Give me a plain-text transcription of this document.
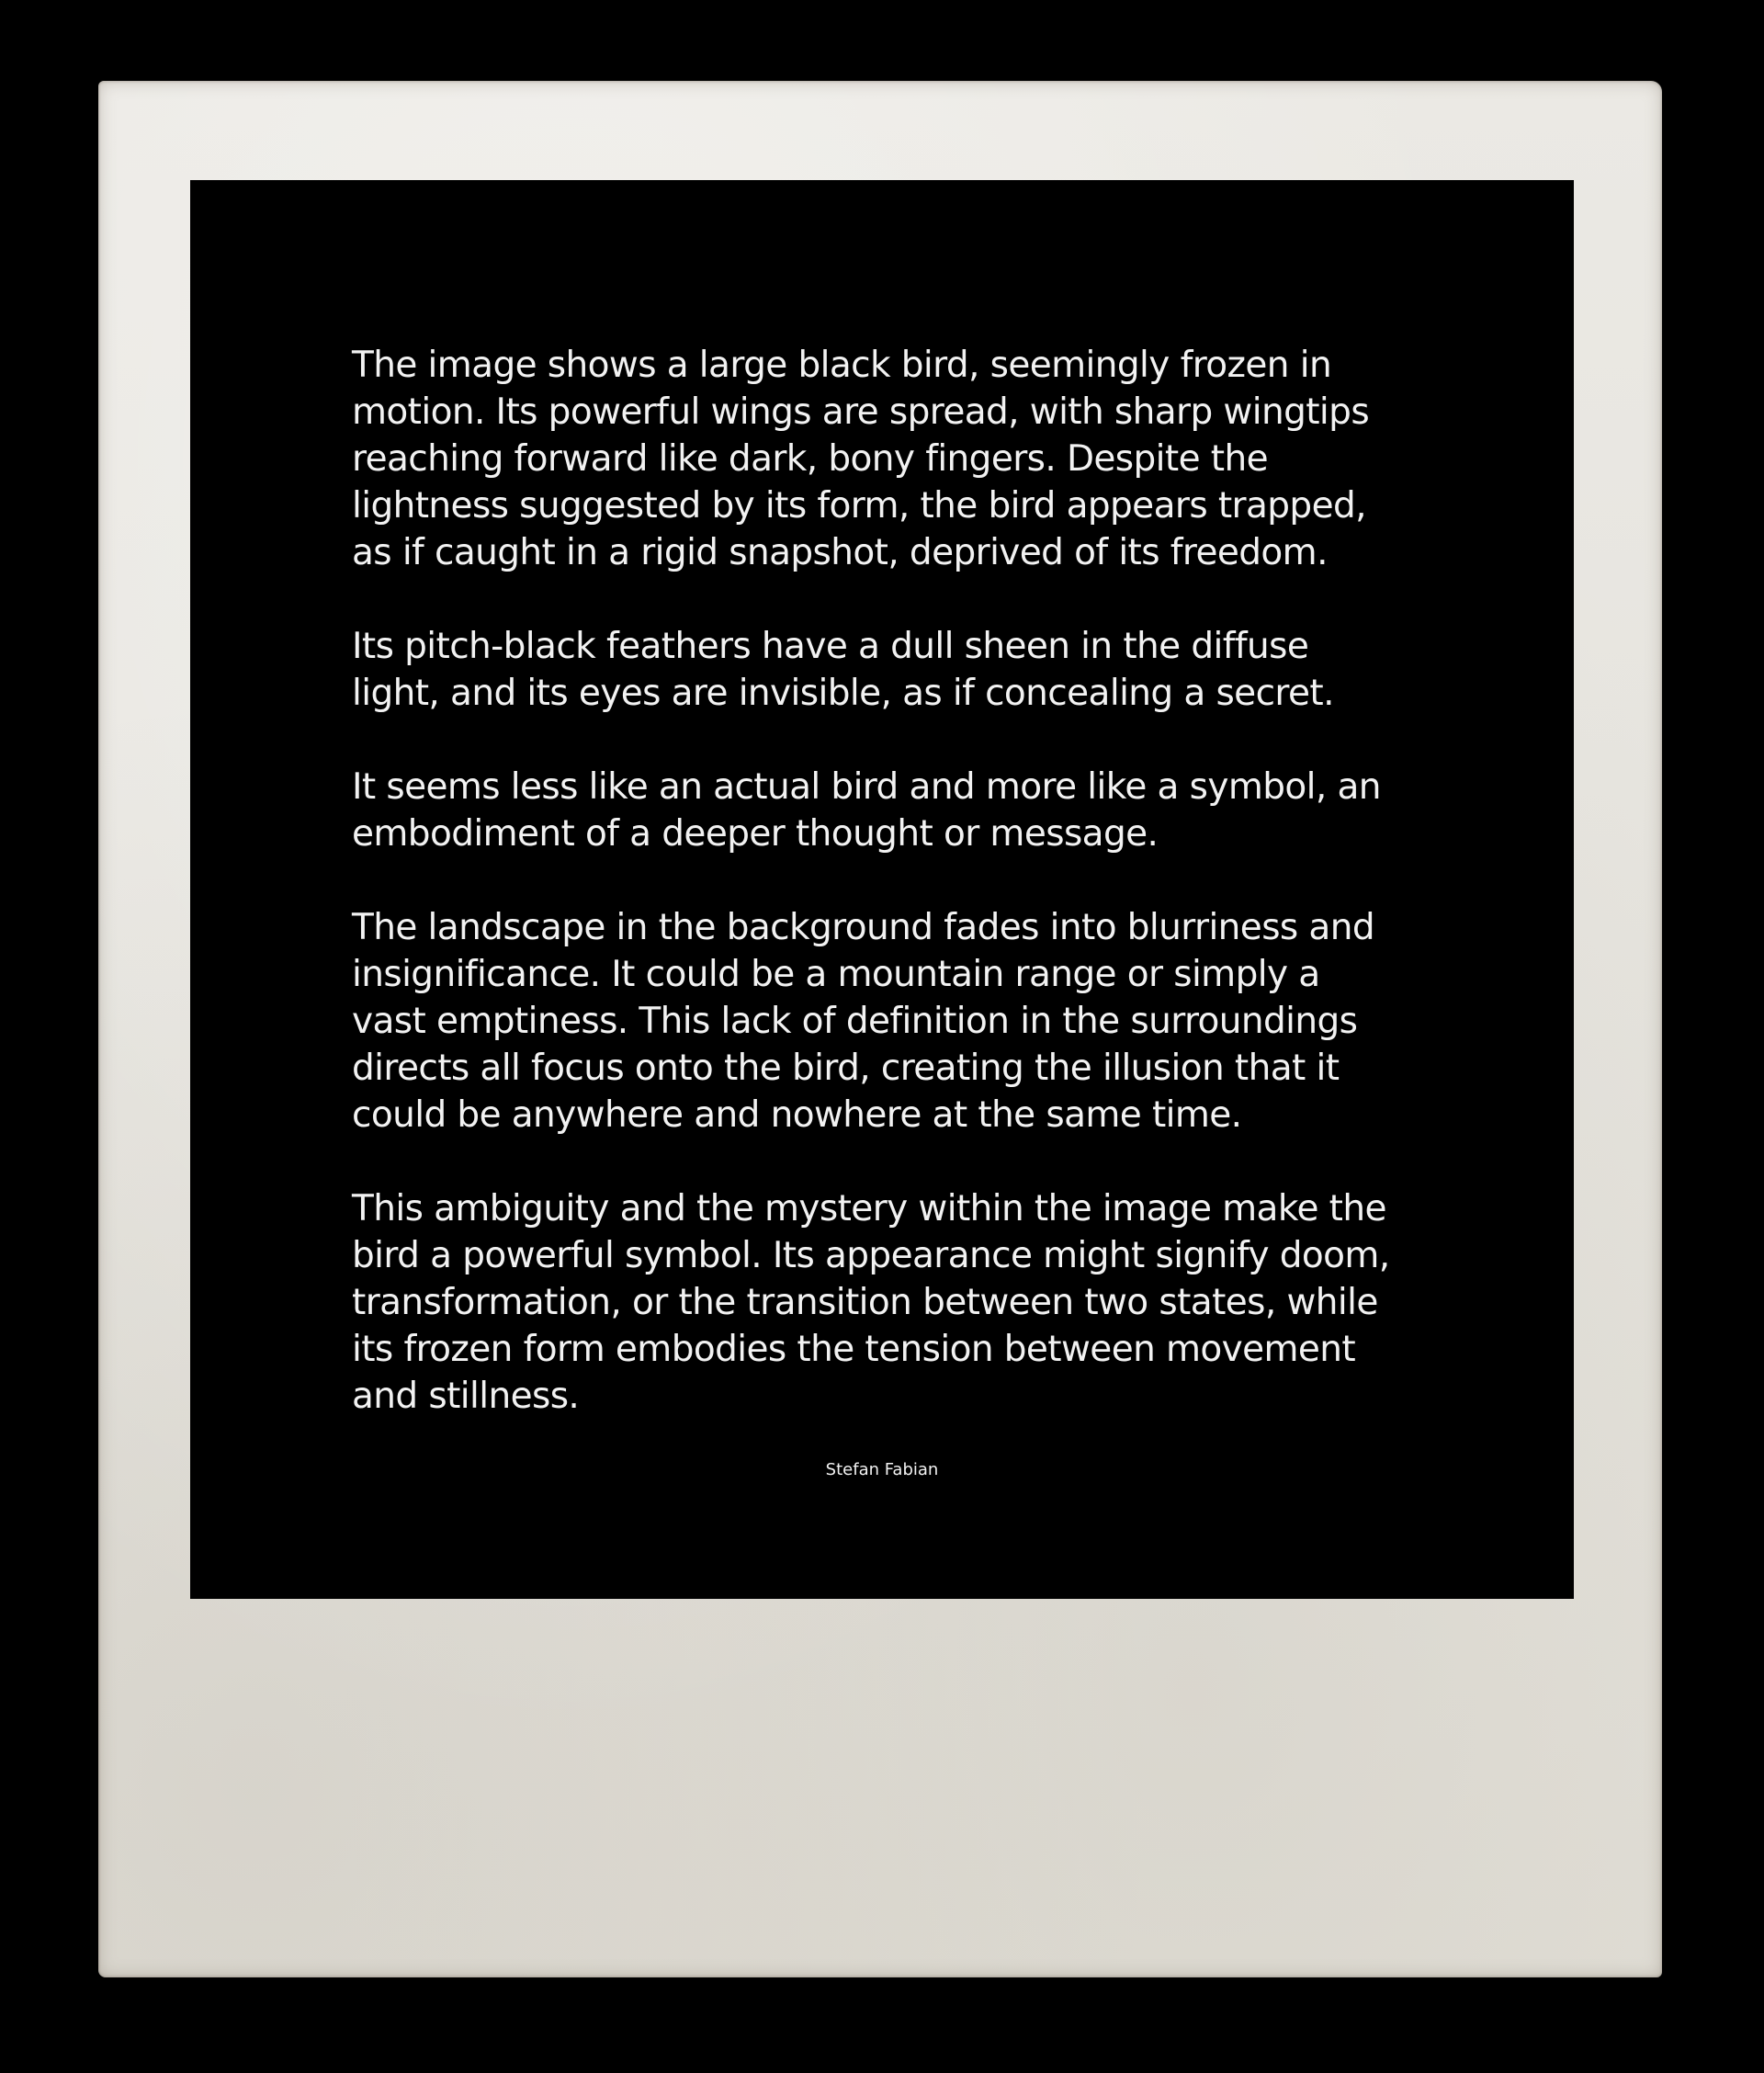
The image shows a large black bird, seemingly frozen in
motion. Its powerful wings are spread, with sharp wingtips
reaching forward like dark, bony fingers. Despite the
lightness suggested by its form, the bird appears trapped,
as if caught in a rigid snapshot, deprived of its freedom.

Its pitch-black feathers have a dull sheen in the diffuse
light, and its eyes are invisible, as if concealing a secret.

It seems less like an actual bird and more like a symbol, an
embodiment of a deeper thought or message.

The landscape in the background fades into blurriness and
insignificance. It could be a mountain range or simply a
vast emptiness. This lack of definition in the surroundings
directs all focus onto the bird, creating the illusion that it
could be anywhere and nowhere at the same time.

This ambiguity and the mystery within the image make the
bird a powerful symbol. Its appearance might signify doom,
transformation, or the transition between two states, while
its frozen form embodies the tension between movement
and stillness.

Stefan Fabian
